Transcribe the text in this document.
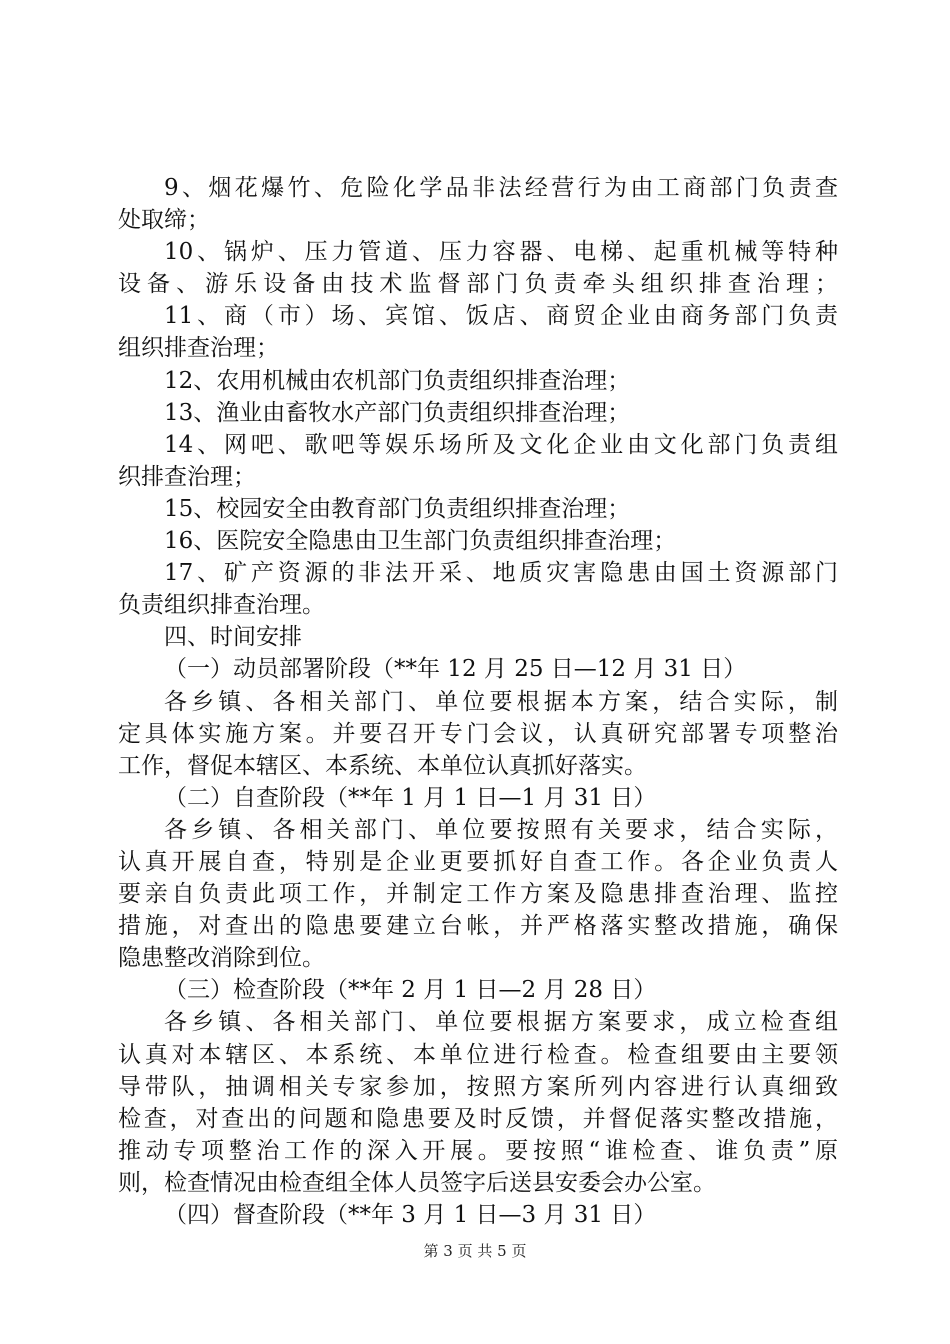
9、烟花爆竹、危险化学品非法经营行为由工商部门负责查
处取缔；
10、锅炉、压力管道、压力容器、电梯、起重机械等特种
设备、游乐设备由技术监督部门负责牵头组织排查治理；
11、商（市）场、宾馆、饭店、商贸企业由商务部门负责
组织排查治理；
12、农用机械由农机部门负责组织排查治理；
13、渔业由畜牧水产部门负责组织排查治理；
14、网吧、歌吧等娱乐场所及文化企业由文化部门负责组
织排查治理；
15、校园安全由教育部门负责组织排查治理；
16、医院安全隐患由卫生部门负责组织排查治理；
17、矿产资源的非法开采、地质灾害隐患由国土资源部门
负责组织排查治理。
四、时间安排
（一）动员部署阶段（**年 12 月 25 日—12 月 31 日）
各乡镇、各相关部门、单位要根据本方案，结合实际，制
定具体实施方案。并要召开专门会议，认真研究部署专项整治
工作，督促本辖区、本系统、本单位认真抓好落实。
（二）自查阶段（**年 1 月 1 日—1 月 31 日）
各乡镇、各相关部门、单位要按照有关要求，结合实际，
认真开展自查，特别是企业更要抓好自查工作。各企业负责人
要亲自负责此项工作，并制定工作方案及隐患排查治理、监控
措施，对查出的隐患要建立台帐，并严格落实整改措施，确保
隐患整改消除到位。
（三）检查阶段（**年 2 月 1 日—2 月 28 日）
各乡镇、各相关部门、单位要根据方案要求，成立检查组
认真对本辖区、本系统、本单位进行检查。检查组要由主要领
导带队，抽调相关专家参加，按照方案所列内容进行认真细致
检查，对查出的问题和隐患要及时反馈，并督促落实整改措施，
推动专项整治工作的深入开展。要按照“谁检查、谁负责”原
则，检查情况由检查组全体人员签字后送县安委会办公室。
（四）督查阶段（**年 3 月 1 日—3 月 31 日）
第 3 页 共 5 页
